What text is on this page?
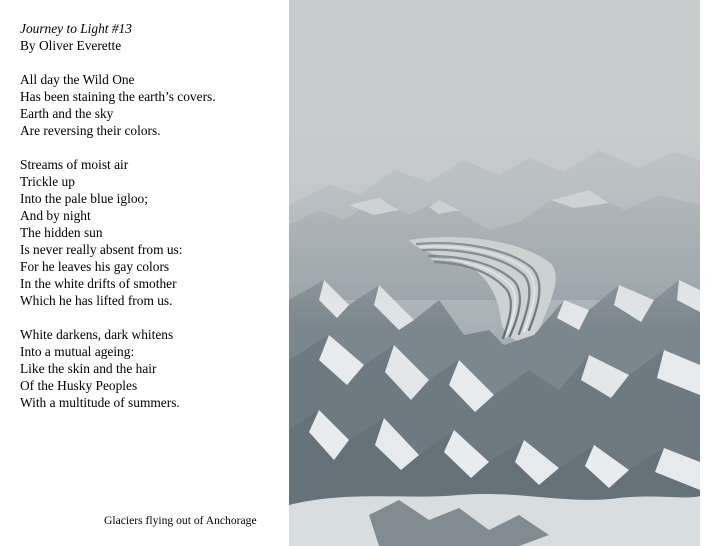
Journey to Light #13
By Oliver Everette
All day the Wild One
Has been staining the earth’s covers.
Earth and the sky
Are reversing their colors.
Streams of moist air
Trickle up
Into the pale blue igloo;
And by night
The hidden sun
Is never really absent from us:
For he leaves his gay colors
In the white drifts of smother
Which he has lifted from us.
White darkens, dark whitens
Into a mutual ageing:
Like the skin and the hair
Of the Husky Peoples
With a multitude of summers.
Glaciers flying out of Anchorage
